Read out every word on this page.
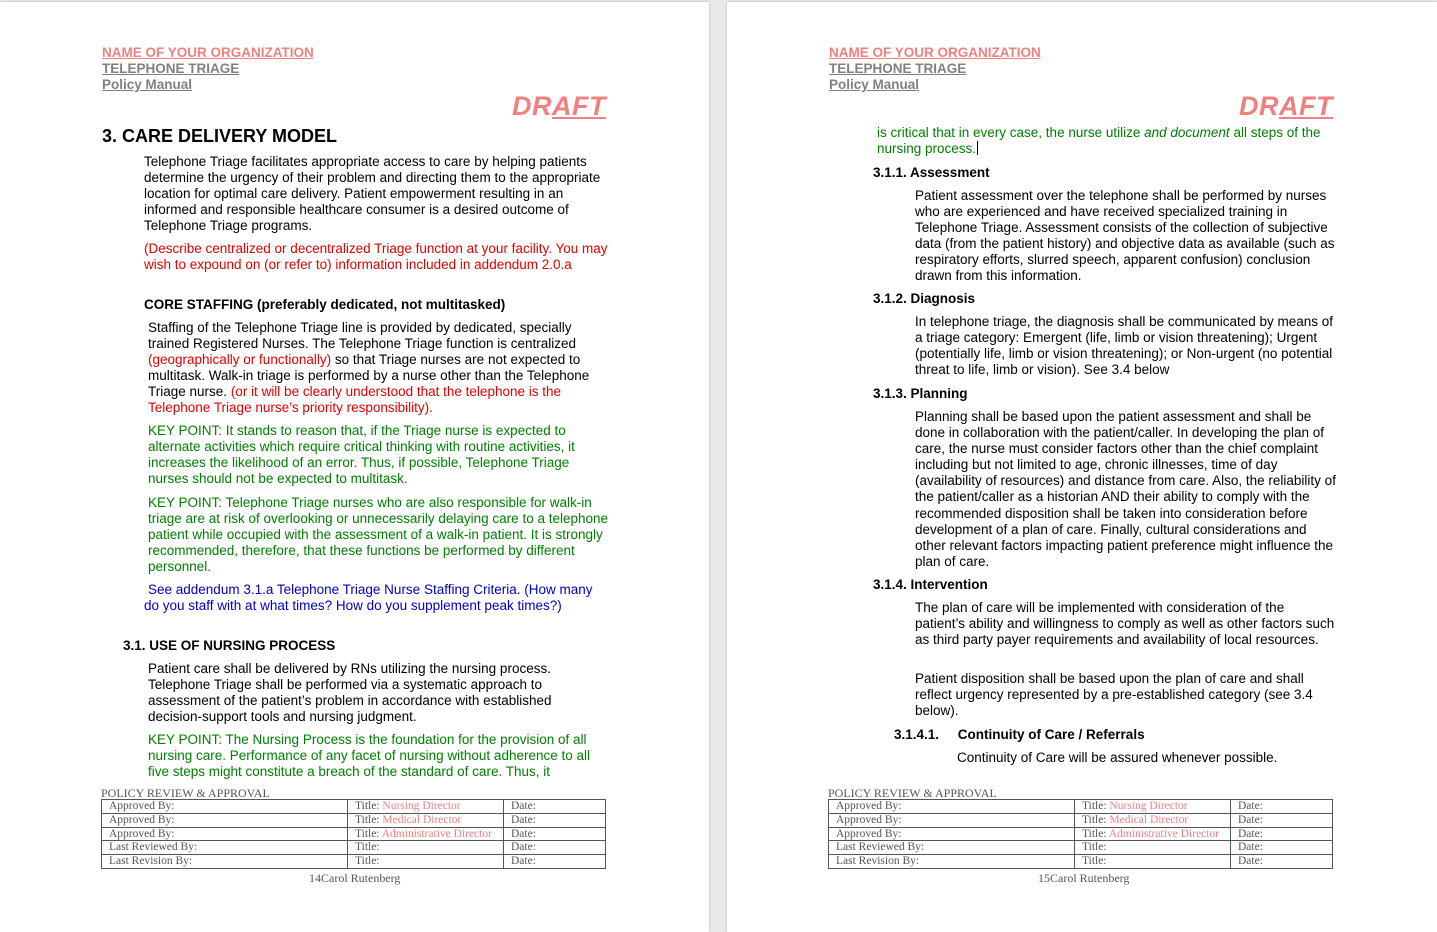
NAME OF YOUR ORGANIZATION
TELEPHONE TRIAGE
Policy Manual
DRAFT
3. CARE DELIVERY MODEL

Telephone Triage facilitates appropriate access to care by helping patients determine the urgency of their problem and directing them to the appropriate location for optimal care delivery. Patient empowerment resulting in an informed and responsible healthcare consumer is a desired outcome of Telephone Triage programs.

(Describe centralized or decentralized Triage function at your facility. You may wish to expound on (or refer to) information included in addendum 2.0.a

CORE STAFFING (preferably dedicated, not multitasked)

Staffing of the Telephone Triage line is provided by dedicated, specially trained Registered Nurses. The Telephone Triage function is centralized (geographically or functionally) so that Triage nurses are not expected to multitask. Walk-in triage is performed by a nurse other than the Telephone Triage nurse. (or it will be clearly understood that the telephone is the Telephone Triage nurse’s priority responsibility).

KEY POINT: It stands to reason that, if the Triage nurse is expected to alternate activities which require critical thinking with routine activities, it increases the likelihood of an error. Thus, if possible, Telephone Triage nurses should not be expected to multitask.

KEY POINT: Telephone Triage nurses who are also responsible for walk-in triage are at risk of overlooking or unnecessarily delaying care to a telephone patient while occupied with the assessment of a walk-in patient. It is strongly recommended, therefore, that these functions be performed by different personnel.

See addendum 3.1.a Telephone Triage Nurse Staffing Criteria. (How many do you staff with at what times? How do you supplement peak times?)

3.1. USE OF NURSING PROCESS

Patient care shall be delivered by RNs utilizing the nursing process. Telephone Triage shall be performed via a systematic approach to assessment of the patient’s problem in accordance with established decision-support tools and nursing judgment.

KEY POINT: The Nursing Process is the foundation for the provision of all nursing care. Performance of any facet of nursing without adherence to all five steps might constitute a breach of the standard of care. Thus, it

POLICY REVIEW & APPROVAL
Approved By:	Title: Nursing Director	Date:
Approved By:	Title: Medical Director	Date:
Approved By:	Title: Administrative Director	Date:
Last Reviewed By:	Title:	Date:
Last Revision By:	Title:	Date:
14Carol Rutenberg
NAME OF YOUR ORGANIZATION
TELEPHONE TRIAGE
Policy Manual
DRAFT

is critical that in every case, the nurse utilize and document all steps of the nursing process.

3.1.1. Assessment

Patient assessment over the telephone shall be performed by nurses who are experienced and have received specialized training in Telephone Triage. Assessment consists of the collection of subjective data (from the patient history) and objective data as available (such as respiratory efforts, slurred speech, apparent confusion) conclusion drawn from this information.

3.1.2. Diagnosis

In telephone triage, the diagnosis shall be communicated by means of a triage category: Emergent (life, limb or vision threatening); Urgent (potentially life, limb or vision threatening); or Non-urgent (no potential threat to life, limb or vision). See 3.4 below

3.1.3. Planning

Planning shall be based upon the patient assessment and shall be done in collaboration with the patient/caller. In developing the plan of care, the nurse must consider factors other than the chief complaint including but not limited to age, chronic illnesses, time of day (availability of resources) and distance from care. Also, the reliability of the patient/caller as a historian AND their ability to comply with the recommended disposition shall be taken into consideration before development of a plan of care. Finally, cultural considerations and other relevant factors impacting patient preference might influence the plan of care.

3.1.4. Intervention

The plan of care will be implemented with consideration of the patient’s ability and willingness to comply as well as other factors such as third party payer requirements and availability of local resources.

Patient disposition shall be based upon the plan of care and shall reflect urgency represented by a pre-established category (see 3.4 below).

3.1.4.1.     Continuity of Care / Referrals

Continuity of Care will be assured whenever possible.

POLICY REVIEW & APPROVAL
Approved By:	Title: Nursing Director	Date:
Approved By:	Title: Medical Director	Date:
Approved By:	Title: Administrative Director	Date:
Last Reviewed By:	Title:	Date:
Last Revision By:	Title:	Date:
15Carol Rutenberg
